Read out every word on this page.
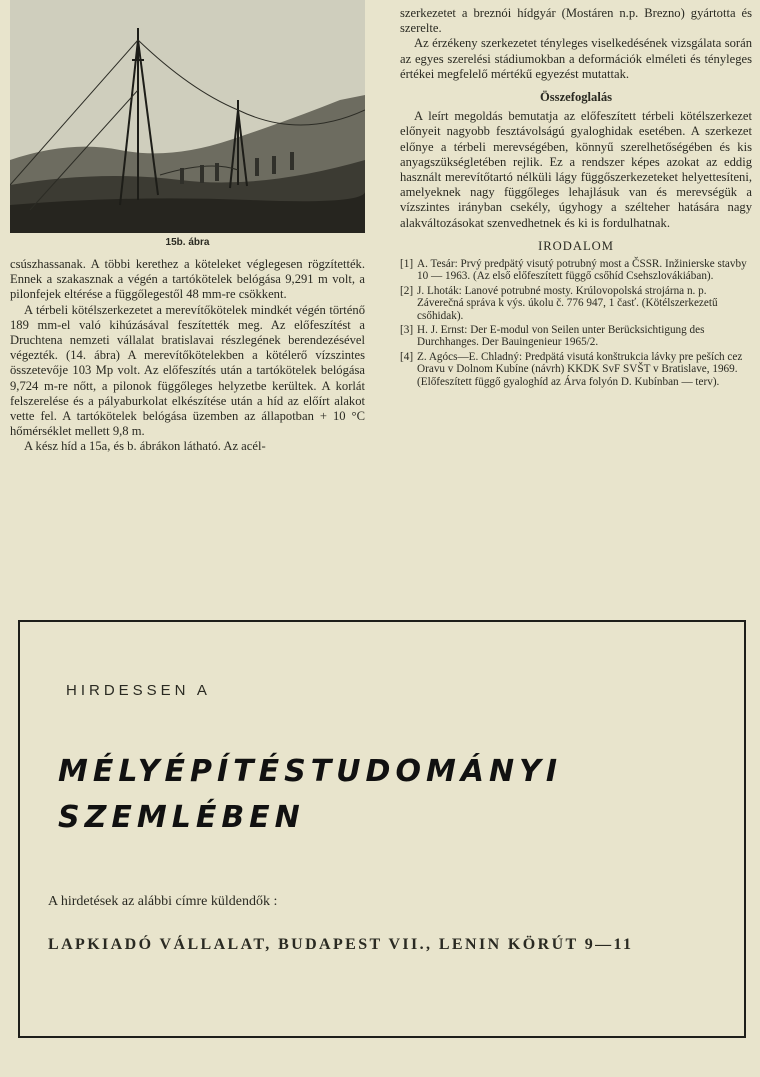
15b. ábra

csúszhassanak. A többi kerethez a köteleket véglegesen rögzítették. Ennek a szakasznak a végén a tartókötelek belógása 9,291 m volt, a pilonfejek eltérése a függőlegestől 48 mm-re csökkent.

A térbeli kötélszerkezetet a merevítőkötelek mindkét végén történő 189 mm-el való kihúzásával feszítették meg. Az előfeszítést a Druchtena nemzeti vállalat bratislavai részlegének berendezésével végezték. (14. ábra) A merevítőkötelekben a kötélerő vízszintes összetevője 103 Mp volt. Az előfeszítés után a tartókötelek belógása 9,724 m-re nőtt, a pilonok függőleges helyzetbe kerültek. A korlát felszerelése és a pályaburkolat elkészítése után a híd az előírt alakot vette fel. A tartókötelek belógása üzemben az állapotban + 10 °C hőmérséklet mellett 9,8 m.

A kész híd a 15a, és b. ábrákon látható. Az acél-

szerkezetet a breznói hídgyár (Mostáren n.p. Brezno) gyártotta és szerelte.

Az érzékeny szerkezetet tényleges viselkedésének vizsgálata során az egyes szerelési stádiumokban a deformációk elméleti és tényleges értékei megfelelő mértékű egyezést mutattak.

Összefoglalás

A leírt megoldás bemutatja az előfeszített térbeli kötélszerkezet előnyeit nagyobb fesztávolságú gyaloghidak esetében. A szerkezet előnye a térbeli merevségében, könnyű szerelhetőségében és kis anyagszükségletében rejlik. Ez a rendszer képes azokat az eddig használt merevítőtartó nélküli lágy függőszerkezeteket helyettesíteni, amelyeknek nagy függőleges lehajlásuk van és merevségük a vízszintes irányban csekély, úgyhogy a szélteher hatására nagy alakváltozásokat szenvedhetnek és ki is fordulhatnak.

IRODALOM

[1] A. Tesár: Prvý predpätý visutý potrubný most a ČSSR. Inžinierske stavby 10 — 1963. (Az első előfeszített függő csőhíd Csehszlovákiában).

[2] J. Lhoták: Lanové potrubné mosty. Krúlovopolská strojárna n. p. Záverečná správa k výs. úkolu č. 776 947, 1 časť. (Kötélszerkezetű csőhidak).

[3] H. J. Ernst: Der E-modul von Seilen unter Berücksichtigung des Durchhanges. Der Bauingenieur 1965/2.

[4] Z. Agócs—E. Chladný: Predpätá visutá konštrukcia lávky pre peších cez Oravu v Dolnom Kubíne (návrh) KKDK SvF SVŠT v Bratislave, 1969. (Előfeszített függő gyaloghíd az Árva folyón D. Kubínban — terv).

HIRDESSEN A
MÉLYÉPÍTÉSTUDOMÁNYI
SZEMLÉBEN
A hirdetések az alábbi címre küldendők :
LAPKIADÓ VÁLLALAT, BUDAPEST VII., LENIN KÖRÚT 9—11
